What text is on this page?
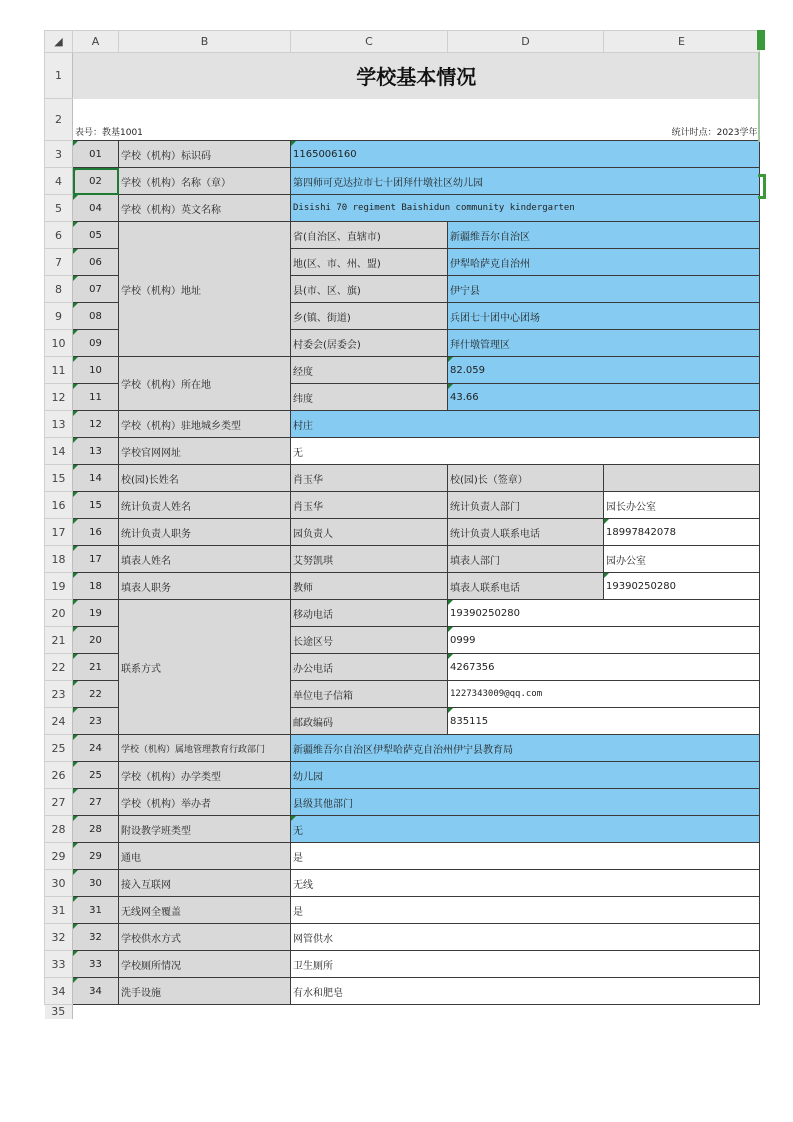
◢	A	B	C	D	E
1	学校基本情况				
2	表号：教基1001			统计时点：2023学年	
3	01	学校（机构）标识码	1165006160		
4	02	学校（机构）名称（章）	第四师可克达拉市七十团拜什墩社区幼儿园		
5	04	学校（机构）英文名称	Disishi 70 regiment Baishidun community kindergarten		
6	05	学校（机构）地址	省(自治区、直辖市)	新疆维吾尔自治区	
7	06		地(区、市、州、盟)	伊犁哈萨克自治州	
8	07		县(市、区、旗)	伊宁县	
9	08		乡(镇、街道)	兵团七十团中心团场	
10	09		村委会(居委会)	拜什墩管理区	
11	10	学校（机构）所在地	经度	82.059	
12	11		纬度	43.66	
13	12	学校（机构）驻地城乡类型	村庄		
14	13	学校官网网址	无		
15	14	校(园)长姓名	肖玉华	校(园)长（签章）	
16	15	统计负责人姓名	肖玉华	统计负责人部门	园长办公室
17	16	统计负责人职务	园负责人	统计负责人联系电话	18997842078
18	17	填表人姓名	艾努凯琪	填表人部门	园办公室
19	18	填表人职务	教师	填表人联系电话	19390250280
20	19	联系方式	移动电话	19390250280	
21	20		长途区号	0999	
22	21		办公电话	4267356	
23	22		单位电子信箱	1227343009@qq.com	
24	23		邮政编码	835115	
25	24	学校（机构）属地管理教育行政部门	新疆维吾尔自治区伊犁哈萨克自治州伊宁县教育局		
26	25	学校（机构）办学类型	幼儿园		
27	27	学校（机构）举办者	县级其他部门		
28	28	附设教学班类型	无		
29	29	通电	是		
30	30	接入互联网	无线		
31	31	无线网全覆盖	是		
32	32	学校供水方式	网管供水		
33	33	学校厕所情况	卫生厕所		
34	34	洗手设施	有水和肥皂		
35					
